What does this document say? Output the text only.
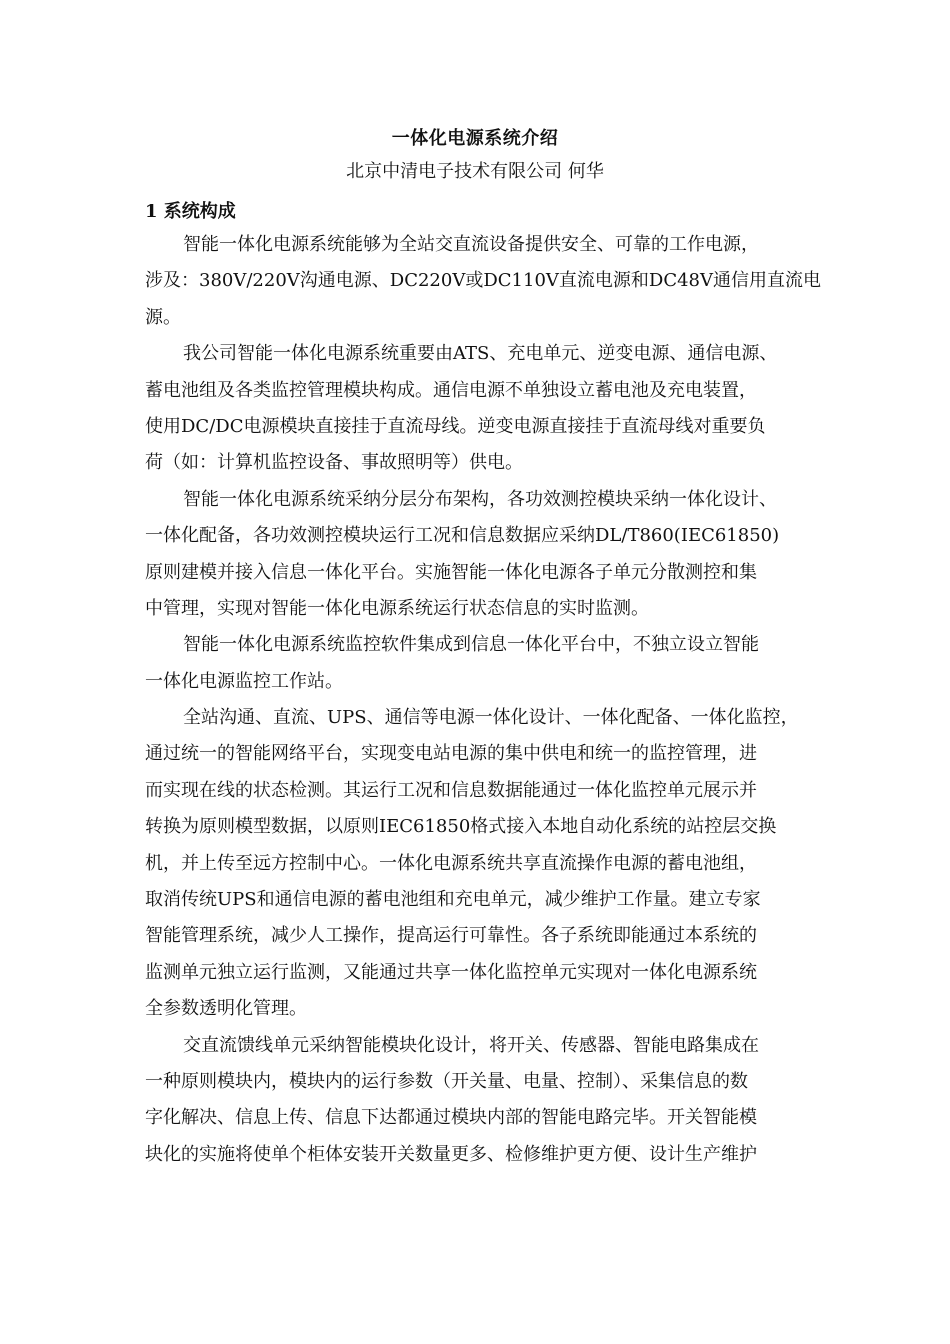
一体化电源系统介绍
北京中清电子技术有限公司 何华
1 系统构成
智能一体化电源系统能够为全站交直流设备提供安全、可靠的工作电源，
涉及：380V/220V沟通电源、DC220V或DC110V直流电源和DC48V通信用直流电
源。
我公司智能一体化电源系统重要由ATS、充电单元、逆变电源、通信电源、
蓄电池组及各类监控管理模块构成。通信电源不单独设立蓄电池及充电装置，
使用DC/DC电源模块直接挂于直流母线。逆变电源直接挂于直流母线对重要负
荷（如：计算机监控设备、事故照明等）供电。
智能一体化电源系统采纳分层分布架构，各功效测控模块采纳一体化设计、
一体化配备，各功效测控模块运行工况和信息数据应采纳DL/T860(IEC61850)
原则建模并接入信息一体化平台。实施智能一体化电源各子单元分散测控和集
中管理，实现对智能一体化电源系统运行状态信息的实时监测。
智能一体化电源系统监控软件集成到信息一体化平台中，不独立设立智能
一体化电源监控工作站。
全站沟通、直流、UPS、通信等电源一体化设计、一体化配备、一体化监控，
通过统一的智能网络平台，实现变电站电源的集中供电和统一的监控管理，进
而实现在线的状态检测。其运行工况和信息数据能通过一体化监控单元展示并
转换为原则模型数据，以原则IEC61850格式接入本地自动化系统的站控层交换
机，并上传至远方控制中心。一体化电源系统共享直流操作电源的蓄电池组，
取消传统UPS和通信电源的蓄电池组和充电单元，减少维护工作量。建立专家
智能管理系统，减少人工操作，提高运行可靠性。各子系统即能通过本系统的
监测单元独立运行监测，又能通过共享一体化监控单元实现对一体化电源系统
全参数透明化管理。
交直流馈线单元采纳智能模块化设计，将开关、传感器、智能电路集成在
一种原则模块内，模块内的运行参数（开关量、电量、控制）、采集信息的数
字化解决、信息上传、信息下达都通过模块内部的智能电路完毕。开关智能模
块化的实施将使单个柜体安装开关数量更多、检修维护更方便、设计生产维护
